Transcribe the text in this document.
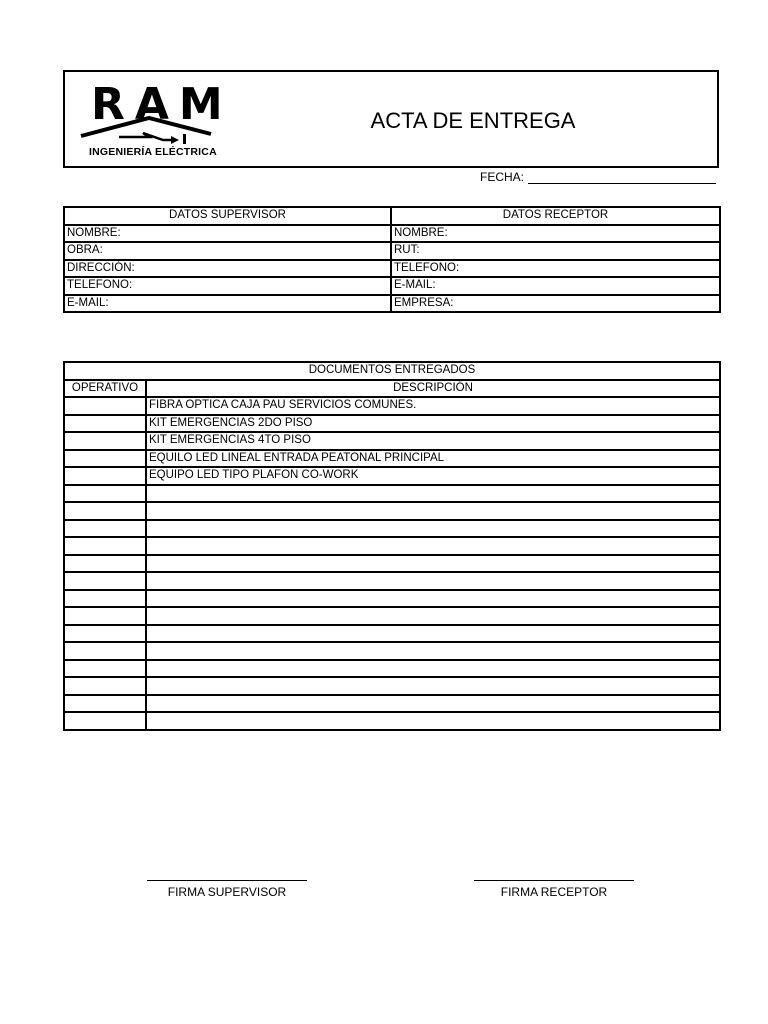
RAM
INGENIERÍA ELÉCTRICA
ACTA DE ENTREGA
FECHA:
DATOS SUPERVISOR	DATOS RECEPTOR
NOMBRE:	NOMBRE:
OBRA:	RUT:
DIRECCIÓN:	TELEFONO:
TELEFONO:	E-MAIL:
E-MAIL:	EMPRESA:
DOCUMENTOS ENTREGADOS	
OPERATIVO	DESCRIPCIÓN
	FIBRA OPTICA CAJA PAU SERVICIOS COMUNES.
	KIT EMERGENCIAS 2DO PISO
	KIT EMERGENCIAS 4TO PISO
	EQUILO LED LINEAL ENTRADA PEATONAL PRINCIPAL
	EQUIPO LED TIPO PLAFON CO-WORK

FIRMA SUPERVISOR	FIRMA RECEPTOR
